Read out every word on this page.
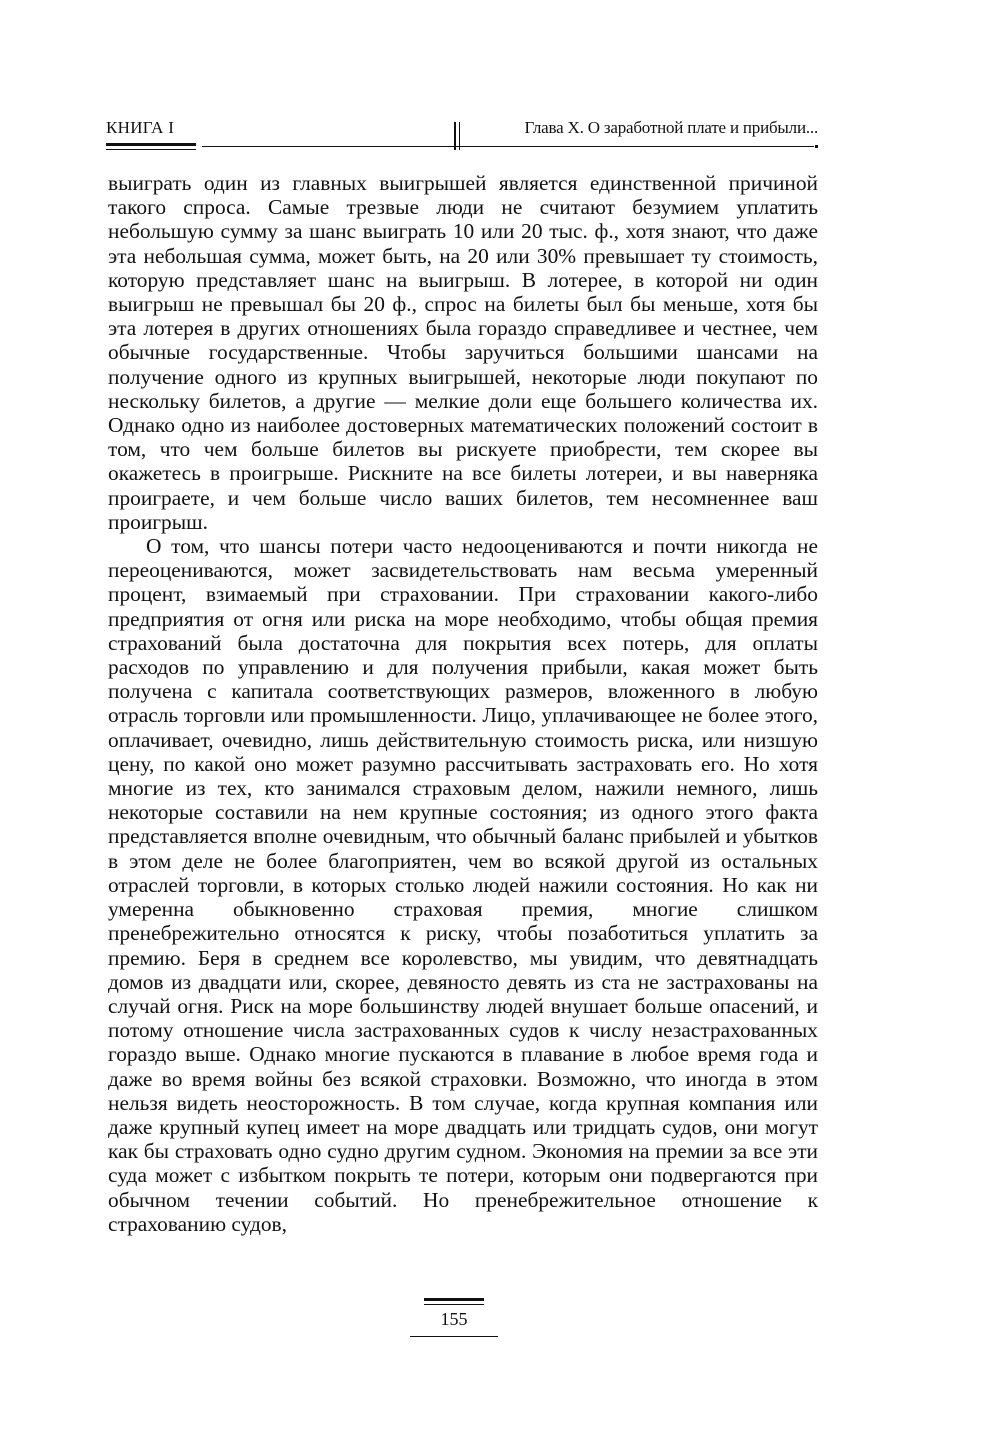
КНИГА I	Глава X. О заработной плате и прибыли...

выиграть один из главных выигрышей является единственной причиной такого спроса. Самые трезвые люди не считают безумием уплатить небольшую сумму за шанс выиграть 10 или 20 тыс. ф., хотя знают, что даже эта небольшая сумма, может быть, на 20 или 30% превышает ту стоимость, которую представляет шанс на выигрыш. В лотерее, в которой ни один выигрыш не превышал бы 20 ф., спрос на билеты был бы меньше, хотя бы эта лотерея в других отношениях была гораздо справедливее и честнее, чем обычные государственные. Чтобы заручиться большими шансами на получение одного из крупных выигрышей, некоторые люди покупают по нескольку билетов, а другие — мелкие доли еще большего количества их. Однако одно из наиболее достоверных математических положений состоит в том, что чем больше билетов вы рискуете приобрести, тем скорее вы окажетесь в проигрыше. Рискните на все билеты лотереи, и вы наверняка проиграете, и чем больше число ваших билетов, тем несомненнее ваш проигрыш.

О том, что шансы потери часто недооцениваются и почти никогда не переоцениваются, может засвидетельствовать нам весьма умеренный процент, взимаемый при страховании. При страховании какого-либо предприятия от огня или риска на море необходимо, чтобы общая премия страхований была достаточна для покрытия всех потерь, для оплаты расходов по управлению и для получения прибыли, какая может быть получена с капитала соответствующих размеров, вложенного в любую отрасль торговли или промышленности. Лицо, уплачивающее не более этого, оплачивает, очевидно, лишь действительную стоимость риска, или низшую цену, по какой оно может разумно рассчитывать застраховать его. Но хотя многие из тех, кто занимался страховым делом, нажили немного, лишь некоторые составили на нем крупные состояния; из одного этого факта представляется вполне очевидным, что обычный баланс прибылей и убытков в этом деле не более благоприятен, чем во всякой другой из остальных отраслей торговли, в которых столько людей нажили состояния. Но как ни умеренна обыкновенно страховая премия, многие слишком пренебрежительно относятся к риску, чтобы позаботиться уплатить за премию. Беря в среднем все королевство, мы увидим, что девятнадцать домов из двадцати или, скорее, девяносто девять из ста не застрахованы на случай огня. Риск на море большинству людей внушает больше опасений, и потому отношение числа застрахованных судов к числу незастрахованных гораздо выше. Однако многие пускаются в плавание в любое время года и даже во время войны без всякой страховки. Возможно, что иногда в этом нельзя видеть неосторожность. В том случае, когда крупная компания или даже крупный купец имеет на море двадцать или тридцать судов, они могут как бы страховать одно судно другим судном. Экономия на премии за все эти суда может с избытком покрыть те потери, которым они подвергаются при обычном течении событий. Но пренебрежительное отношение к страхованию судов,

155
